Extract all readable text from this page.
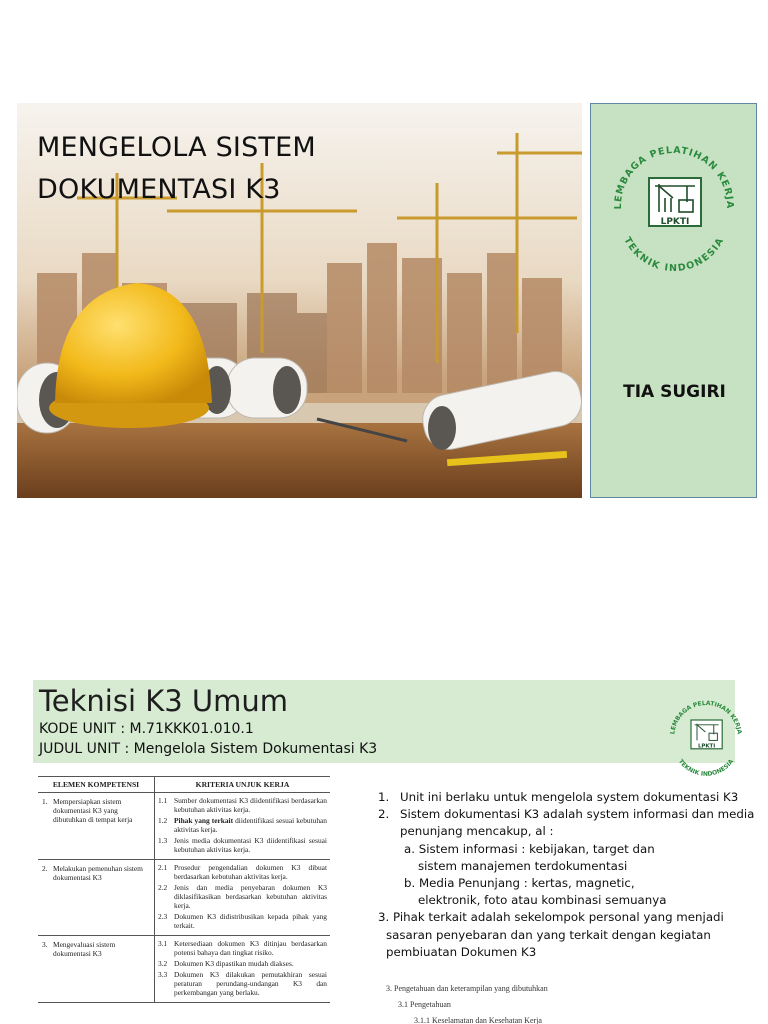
MENGELOLA SISTEM
DOKUMENTASI K3
LEMBAGA PELATIHAN KERJA
TEKNIK INDONESIA
LPKTI
TIA SUGIRI
Teknisi K3 Umum
KODE UNIT : M.71KKK01.010.1
JUDUL UNIT : Mengelola Sistem Dokumentasi K3
LEMBAGA PELATIHAN KERJA
TEKNIK INDONESIA
LPKTI
ELEMEN KOMPETENSI	KRITERIA UNJUK KERJA
1. Mempersiapkan sistem dokumentasi K3 yang dibutuhkan di tempat kerja
1.1 Sumber dokumentasi K3 diidentifikasi berdasarkan kebutuhan aktivitas kerja.
1.2 Pihak yang terkait diidentifikasi sesuai kebutuhan aktivitas kerja.
1.3 Jenis media dokumentasi K3 diidentifikasi sesuai kebutuhan aktivitas kerja.
2. Melakukan pemenuhan sistem dokumentasi K3
2.1 Prosedur pengendalian dokumen K3 dibuat berdasarkan kebutuhan aktivitas kerja.
2.2 Jenis dan media penyebaran dokumen K3 diklasifikasikan berdasarkan kebutuhan aktivitas kerja.
2.3 Dokumen K3 didistribusikan kepada pihak yang terkait.
3. Mengevaluasi sistem dokumentasi K3
3.1 Ketersediaan dokumen K3 ditinjau berdasarkan potensi bahaya dan tingkat risiko.
3.2 Dokumen K3 dipastikan mudah diakses.
3.3 Dokumen K3 dilakukan pemutakhiran sesuai peraturan perundang-undangan K3 dan perkembangan yang berlaku.
1. Unit ini berlaku untuk mengelola system dokumentasi K3
2. Sistem dokumentasi K3 adalah system informasi dan media
penunjang mencakup, al :
a. Sistem informasi : kebijakan, target dan
sistem manajemen terdokumentasi
b. Media Penunjang : kertas, magnetic,
elektronik, foto atau kombinasi semuanya
3. Pihak terkait adalah sekelompok personal yang menjadi
sasaran penyebaran dan yang terkait dengan kegiatan
pembiuatan Dokumen K3
3. Pengetahuan dan keterampilan yang dibutuhkan
3.1 Pengetahuan
3.1.1 Keselamatan dan Kesehatan Kerja
